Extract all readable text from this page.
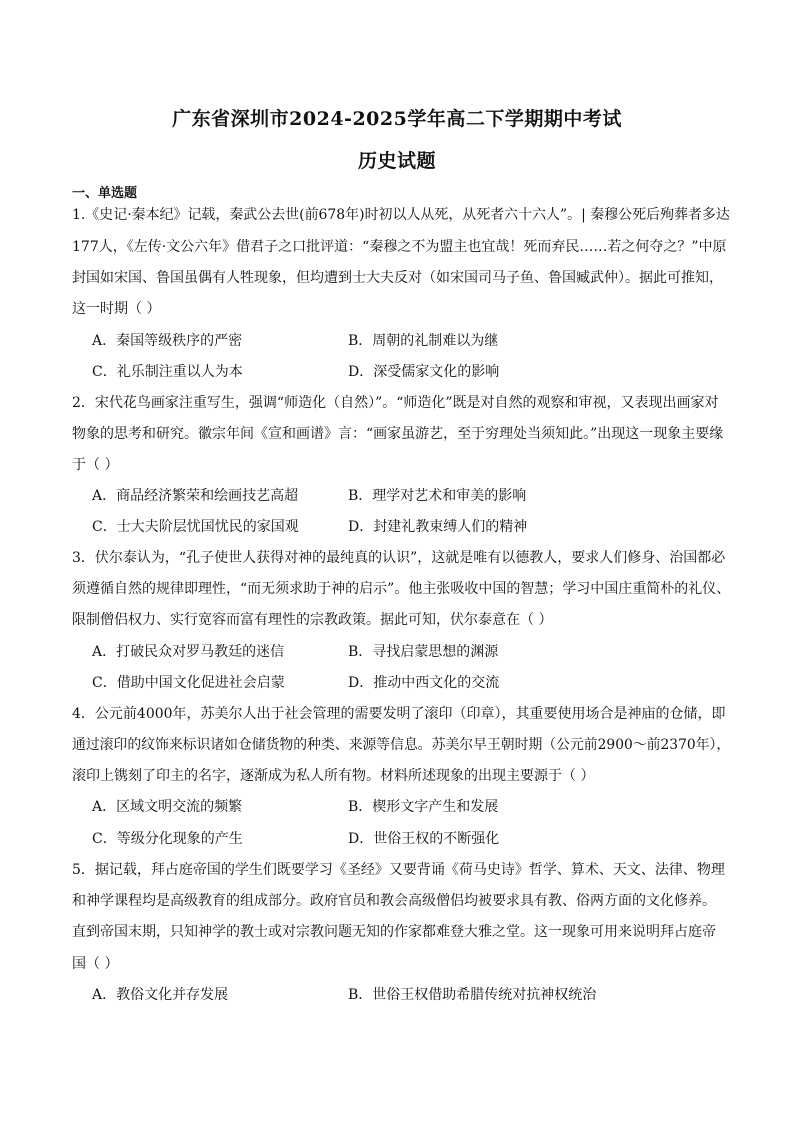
广东省深圳市2024-2025学年高二下学期期中考试
历史试题
一、单选题
1.《史记·秦本纪》记载，秦武公去世(前678年)时初以人从死，从死者六十六人”。| 秦穆公死后殉葬者多达
177人，《左传·文公六年》借君子之口批评道：“秦穆之不为盟主也宜哉！死而弃民……若之何夺之？”中原
封国如宋国、鲁国虽偶有人牲现象，但均遭到士大夫反对（如宋国司马子鱼、鲁国臧武仲）。据此可推知，
这一时期（ ）
A．秦国等级秩序的严密	B．周朝的礼制难以为继
C．礼乐制注重以人为本	D．深受儒家文化的影响
2．宋代花鸟画家注重写生，强调“师造化（自然）”。“师造化”既是对自然的观察和审视，又表现出画家对
物象的思考和研究。徽宗年间《宣和画谱》言：“画家虽游艺，至于穷理处当须知此。”出现这一现象主要缘
于（ ）
A．商品经济繁荣和绘画技艺高超	B．理学对艺术和审美的影响
C．士大夫阶层忧国忧民的家国观	D．封建礼教束缚人们的精神
3．伏尔泰认为，“孔子使世人获得对神的最纯真的认识”，这就是唯有以德教人，要求人们修身、治国都必
须遵循自然的规律即理性，“而无须求助于神的启示”。他主张吸收中国的智慧；学习中国庄重简朴的礼仪、
限制僧侣权力、实行宽容而富有理性的宗教政策。据此可知，伏尔泰意在（ ）
A．打破民众对罗马教廷的迷信	B．寻找启蒙思想的渊源
C．借助中国文化促进社会启蒙	D．推动中西文化的交流
4．公元前4000年，苏美尔人出于社会管理的需要发明了滚印（印章），其重要使用场合是神庙的仓储，即
通过滚印的纹饰来标识诸如仓储货物的种类、来源等信息。苏美尔早王朝时期（公元前2900～前2370年），
滚印上镌刻了印主的名字，逐渐成为私人所有物。材料所述现象的出现主要源于（ ）
A．区域文明交流的频繁	B．楔形文字产生和发展
C．等级分化现象的产生	D．世俗王权的不断强化
5．据记载，拜占庭帝国的学生们既要学习《圣经》又要背诵《荷马史诗》哲学、算术、天文、法律、物理
和神学课程均是高级教育的组成部分。政府官员和教会高级僧侣均被要求具有教、俗两方面的文化修养。
直到帝国末期，只知神学的教士或对宗教问题无知的作家都难登大雅之堂。这一现象可用来说明拜占庭帝
国（ ）
A．教俗文化并存发展	B．世俗王权借助希腊传统对抗神权统治
